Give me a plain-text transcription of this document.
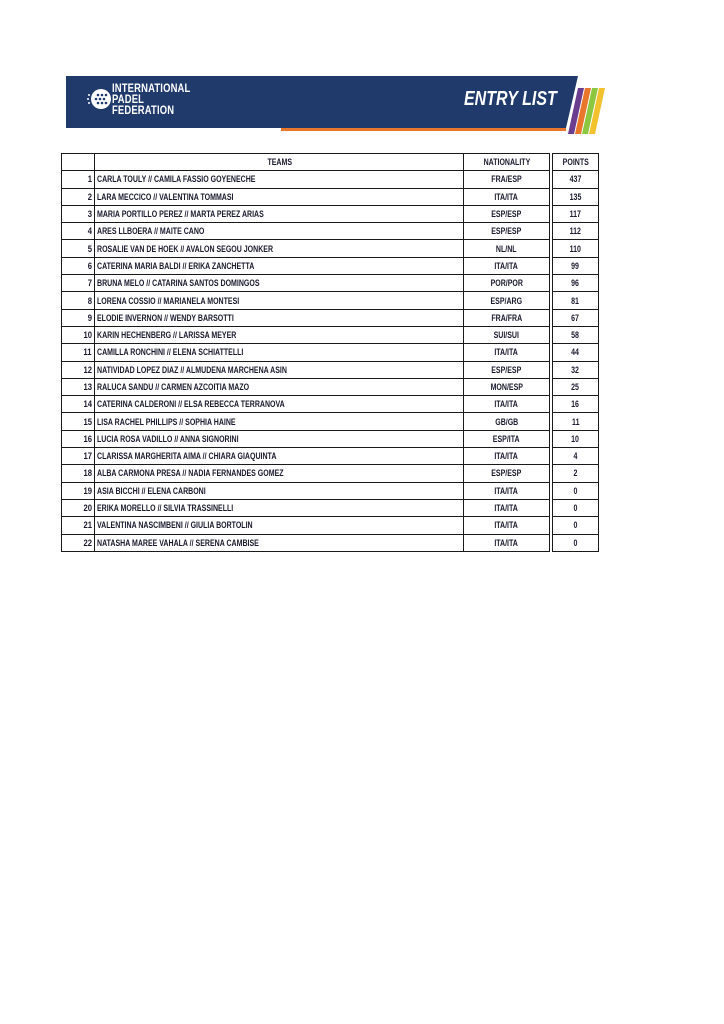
INTERNATIONAL
PADEL
FEDERATION
ENTRY LIST
	TEAMS	NATIONALITY		POINTS
1	CARLA TOULY // CAMILA FASSIO GOYENECHE	FRA/ESP		437
2	LARA MECCICO // VALENTINA TOMMASI	ITA/ITA		135
3	MARIA PORTILLO PEREZ // MARTA PEREZ ARIAS	ESP/ESP		117
4	ARES LLBOERA // MAITE CANO	ESP/ESP		112
5	ROSALIE VAN DE HOEK // AVALON SEGOU JONKER	NL/NL		110
6	CATERINA MARIA BALDI // ERIKA ZANCHETTA	ITA/ITA		99
7	BRUNA MELO // CATARINA SANTOS DOMINGOS	POR/POR		96
8	LORENA COSSIO // MARIANELA MONTESI	ESP/ARG		81
9	ELODIE INVERNON // WENDY BARSOTTI	FRA/FRA		67
10	KARIN HECHENBERG // LARISSA MEYER	SUI/SUI		58
11	CAMILLA RONCHINI // ELENA SCHIATTELLI	ITA/ITA		44
12	NATIVIDAD LOPEZ DIAZ // ALMUDENA MARCHENA ASIN	ESP/ESP		32
13	RALUCA SANDU // CARMEN AZCOITIA MAZO	MON/ESP		25
14	CATERINA CALDERONI // ELSA REBECCA TERRANOVA	ITA/ITA		16
15	LISA RACHEL PHILLIPS // SOPHIA HAINE	GB/GB		11
16	LUCIA ROSA VADILLO // ANNA SIGNORINI	ESP/ITA		10
17	CLARISSA MARGHERITA AIMA // CHIARA GIAQUINTA	ITA/ITA		4
18	ALBA CARMONA PRESA // NADIA FERNANDES GOMEZ	ESP/ESP		2
19	ASIA BICCHI // ELENA CARBONI	ITA/ITA		0
20	ERIKA MORELLO // SILVIA TRASSINELLI	ITA/ITA		0
21	VALENTINA NASCIMBENI // GIULIA BORTOLIN	ITA/ITA		0
22	NATASHA MAREE VAHALA // SERENA CAMBISE	ITA/ITA		0
